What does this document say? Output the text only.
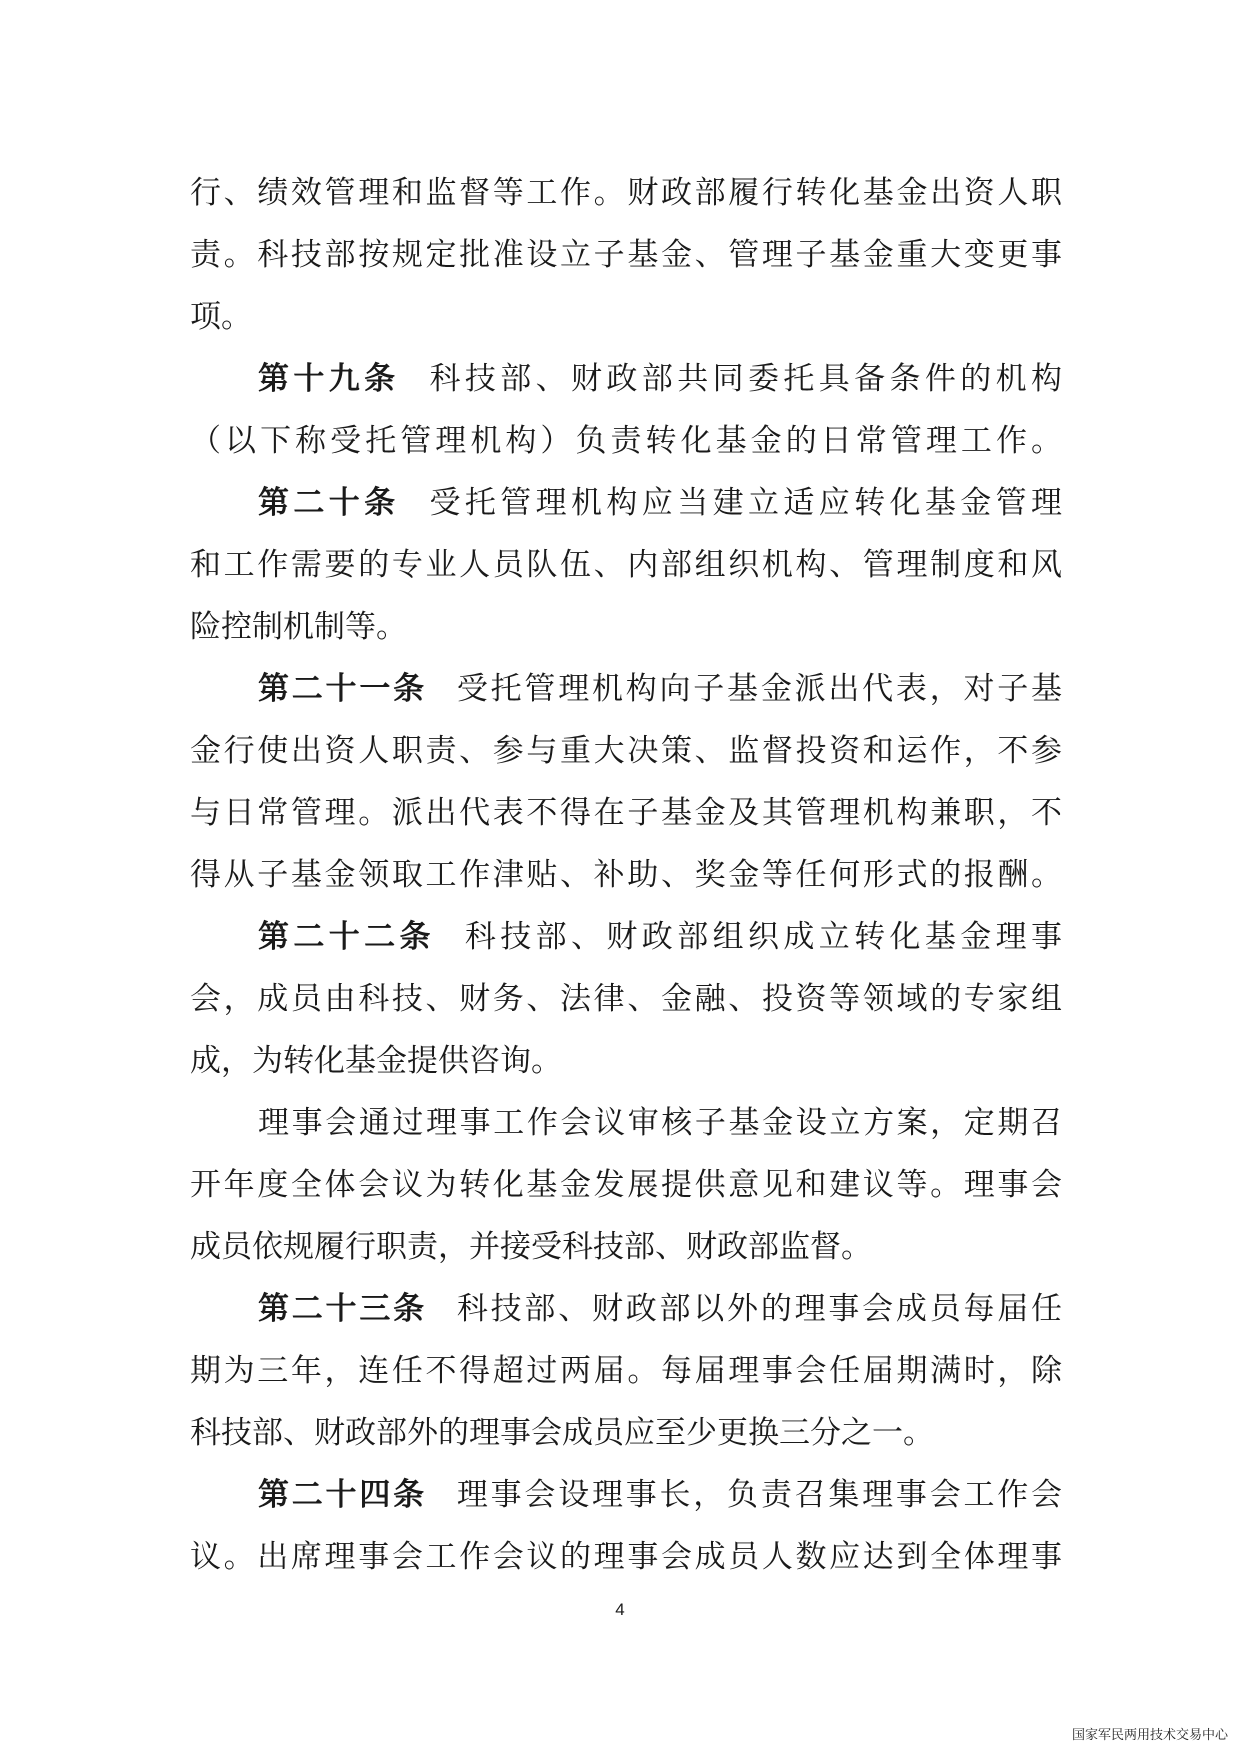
行、绩效管理和监督等工作。财政部履行转化基金出资人职
责。科技部按规定批准设立子基金、管理子基金重大变更事
项。
第十九条 科技部、财政部共同委托具备条件的机构
（以下称受托管理机构）负责转化基金的日常管理工作。
第二十条 受托管理机构应当建立适应转化基金管理
和工作需要的专业人员队伍、内部组织机构、管理制度和风
险控制机制等。
第二十一条 受托管理机构向子基金派出代表，对子基
金行使出资人职责、参与重大决策、监督投资和运作，不参
与日常管理。派出代表不得在子基金及其管理机构兼职，不
得从子基金领取工作津贴、补助、奖金等任何形式的报酬。
第二十二条 科技部、财政部组织成立转化基金理事
会，成员由科技、财务、法律、金融、投资等领域的专家组
成，为转化基金提供咨询。
理事会通过理事工作会议审核子基金设立方案，定期召
开年度全体会议为转化基金发展提供意见和建议等。理事会
成员依规履行职责，并接受科技部、财政部监督。
第二十三条 科技部、财政部以外的理事会成员每届任
期为三年，连任不得超过两届。每届理事会任届期满时，除
科技部、财政部外的理事会成员应至少更换三分之一。
第二十四条 理事会设理事长，负责召集理事会工作会
议。出席理事会工作会议的理事会成员人数应达到全体理事
4
国家军民两用技术交易中心
